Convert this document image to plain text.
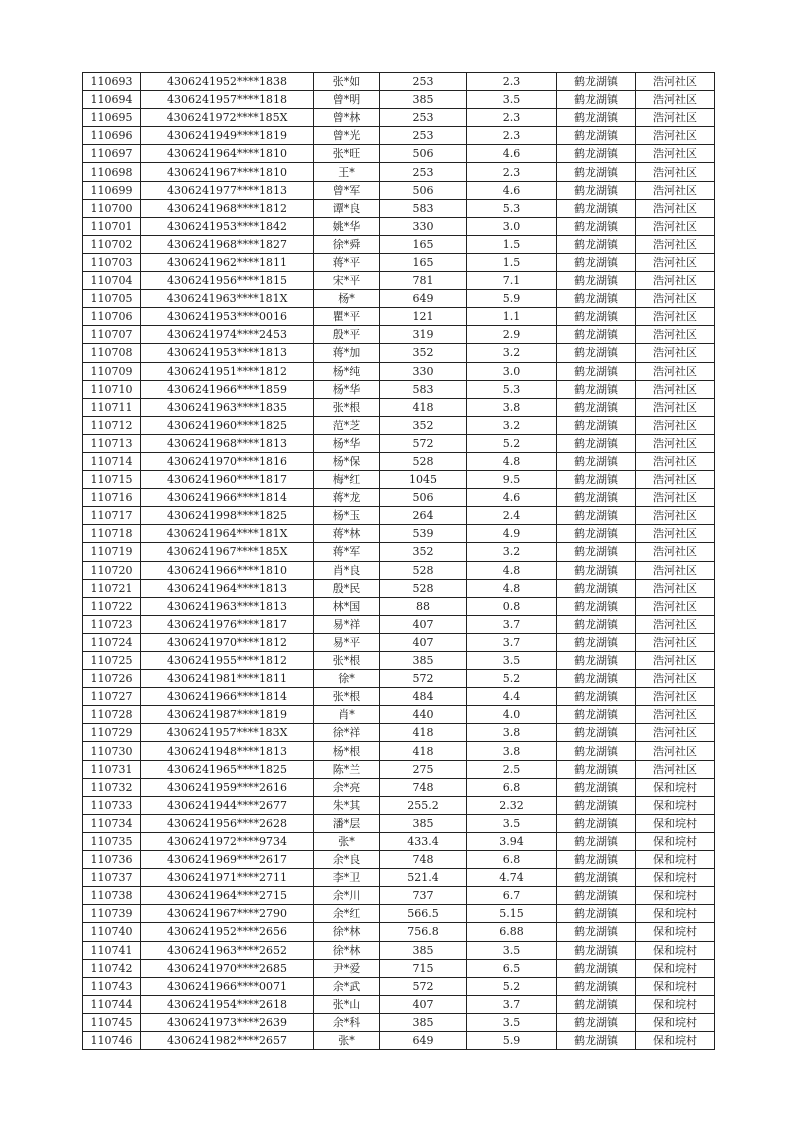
110693	4306241952****1838	张*如	253	2.3	鹤龙湖镇	浩河社区
110694	4306241957****1818	曾*明	385	3.5	鹤龙湖镇	浩河社区
110695	4306241972****185X	曾*林	253	2.3	鹤龙湖镇	浩河社区
110696	4306241949****1819	曾*光	253	2.3	鹤龙湖镇	浩河社区
110697	4306241964****1810	张*旺	506	4.6	鹤龙湖镇	浩河社区
110698	4306241967****1810	王*	253	2.3	鹤龙湖镇	浩河社区
110699	4306241977****1813	曾*军	506	4.6	鹤龙湖镇	浩河社区
110700	4306241968****1812	谭*良	583	5.3	鹤龙湖镇	浩河社区
110701	4306241953****1842	姚*华	330	3.0	鹤龙湖镇	浩河社区
110702	4306241968****1827	徐*舜	165	1.5	鹤龙湖镇	浩河社区
110703	4306241962****1811	蒋*平	165	1.5	鹤龙湖镇	浩河社区
110704	4306241956****1815	宋*平	781	7.1	鹤龙湖镇	浩河社区
110705	4306241963****181X	杨*	649	5.9	鹤龙湖镇	浩河社区
110706	4306241953****0016	瞿*平	121	1.1	鹤龙湖镇	浩河社区
110707	4306241974****2453	殷*平	319	2.9	鹤龙湖镇	浩河社区
110708	4306241953****1813	蒋*加	352	3.2	鹤龙湖镇	浩河社区
110709	4306241951****1812	杨*纯	330	3.0	鹤龙湖镇	浩河社区
110710	4306241966****1859	杨*华	583	5.3	鹤龙湖镇	浩河社区
110711	4306241963****1835	张*根	418	3.8	鹤龙湖镇	浩河社区
110712	4306241960****1825	范*芝	352	3.2	鹤龙湖镇	浩河社区
110713	4306241968****1813	杨*华	572	5.2	鹤龙湖镇	浩河社区
110714	4306241970****1816	杨*保	528	4.8	鹤龙湖镇	浩河社区
110715	4306241960****1817	梅*红	1045	9.5	鹤龙湖镇	浩河社区
110716	4306241966****1814	蒋*龙	506	4.6	鹤龙湖镇	浩河社区
110717	4306241998****1825	杨*玉	264	2.4	鹤龙湖镇	浩河社区
110718	4306241964****181X	蒋*林	539	4.9	鹤龙湖镇	浩河社区
110719	4306241967****185X	蒋*军	352	3.2	鹤龙湖镇	浩河社区
110720	4306241966****1810	肖*良	528	4.8	鹤龙湖镇	浩河社区
110721	4306241964****1813	殷*民	528	4.8	鹤龙湖镇	浩河社区
110722	4306241963****1813	林*国	88	0.8	鹤龙湖镇	浩河社区
110723	4306241976****1817	易*祥	407	3.7	鹤龙湖镇	浩河社区
110724	4306241970****1812	易*平	407	3.7	鹤龙湖镇	浩河社区
110725	4306241955****1812	张*根	385	3.5	鹤龙湖镇	浩河社区
110726	4306241981****1811	徐*	572	5.2	鹤龙湖镇	浩河社区
110727	4306241966****1814	张*根	484	4.4	鹤龙湖镇	浩河社区
110728	4306241987****1819	肖*	440	4.0	鹤龙湖镇	浩河社区
110729	4306241957****183X	徐*祥	418	3.8	鹤龙湖镇	浩河社区
110730	4306241948****1813	杨*根	418	3.8	鹤龙湖镇	浩河社区
110731	4306241965****1825	陈*兰	275	2.5	鹤龙湖镇	浩河社区
110732	4306241959****2616	余*亮	748	6.8	鹤龙湖镇	保和垸村
110733	4306241944****2677	朱*其	255.2	2.32	鹤龙湖镇	保和垸村
110734	4306241956****2628	潘*层	385	3.5	鹤龙湖镇	保和垸村
110735	4306241972****9734	张*	433.4	3.94	鹤龙湖镇	保和垸村
110736	4306241969****2617	余*良	748	6.8	鹤龙湖镇	保和垸村
110737	4306241971****2711	李*卫	521.4	4.74	鹤龙湖镇	保和垸村
110738	4306241964****2715	余*川	737	6.7	鹤龙湖镇	保和垸村
110739	4306241967****2790	余*红	566.5	5.15	鹤龙湖镇	保和垸村
110740	4306241952****2656	徐*林	756.8	6.88	鹤龙湖镇	保和垸村
110741	4306241963****2652	徐*林	385	3.5	鹤龙湖镇	保和垸村
110742	4306241970****2685	尹*爱	715	6.5	鹤龙湖镇	保和垸村
110743	4306241966****0071	余*武	572	5.2	鹤龙湖镇	保和垸村
110744	4306241954****2618	张*山	407	3.7	鹤龙湖镇	保和垸村
110745	4306241973****2639	余*科	385	3.5	鹤龙湖镇	保和垸村
110746	4306241982****2657	张*	649	5.9	鹤龙湖镇	保和垸村
